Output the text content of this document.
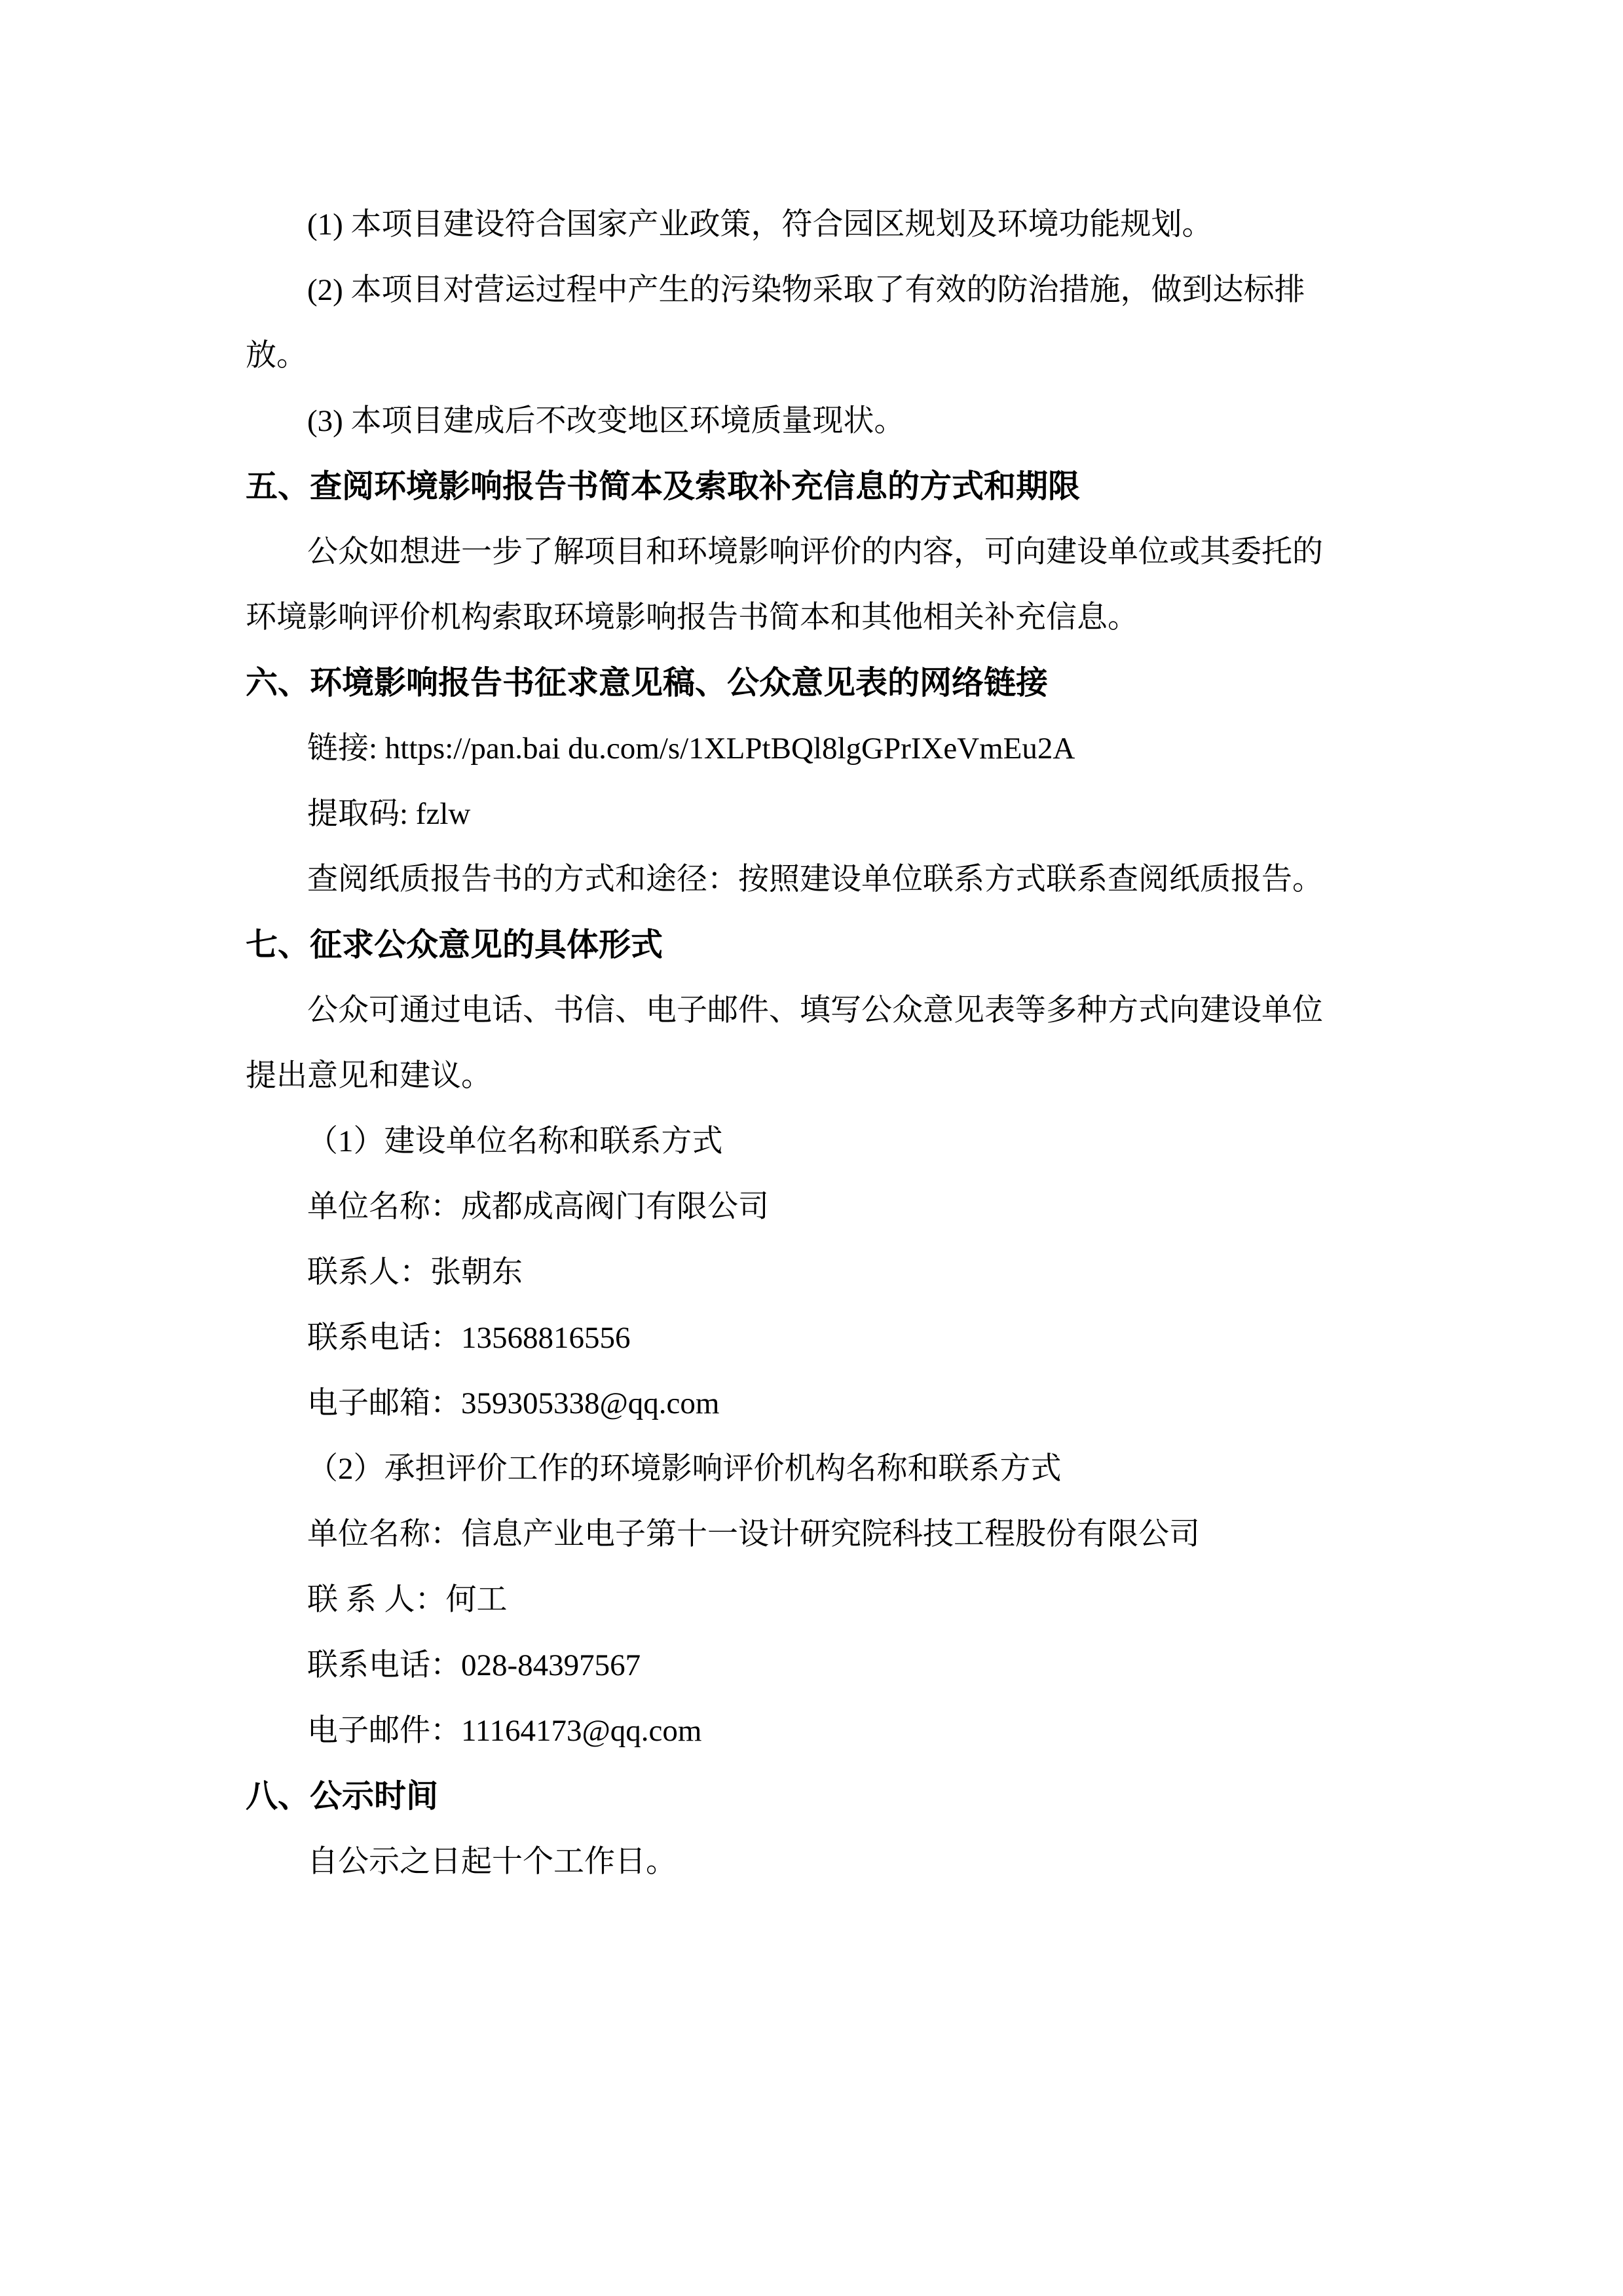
(1) 本项目建设符合国家产业政策，符合园区规划及环境功能规划。
(2) 本项目对营运过程中产生的污染物采取了有效的防治措施，做到达标排
放。
(3) 本项目建成后不改变地区环境质量现状。
五、查阅环境影响报告书简本及索取补充信息的方式和期限
公众如想进一步了解项目和环境影响评价的内容，可向建设单位或其委托的
环境影响评价机构索取环境影响报告书简本和其他相关补充信息。
六、环境影响报告书征求意见稿、公众意见表的网络链接
链接: https://pan.bai du.com/s/1XLPtBQl8lgGPrIXeVmEu2A
提取码: fzlw
查阅纸质报告书的方式和途径：按照建设单位联系方式联系查阅纸质报告。
七、征求公众意见的具体形式
公众可通过电话、书信、电子邮件、填写公众意见表等多种方式向建设单位
提出意见和建议。
（1）建设单位名称和联系方式
单位名称：成都成高阀门有限公司
联系人：张朝东
联系电话：13568816556
电子邮箱：359305338@qq.com
（2）承担评价工作的环境影响评价机构名称和联系方式
单位名称：信息产业电子第十一设计研究院科技工程股份有限公司
联 系 人：何工
联系电话：028-84397567
电子邮件：11164173@qq.com
八、公示时间
自公示之日起十个工作日。
